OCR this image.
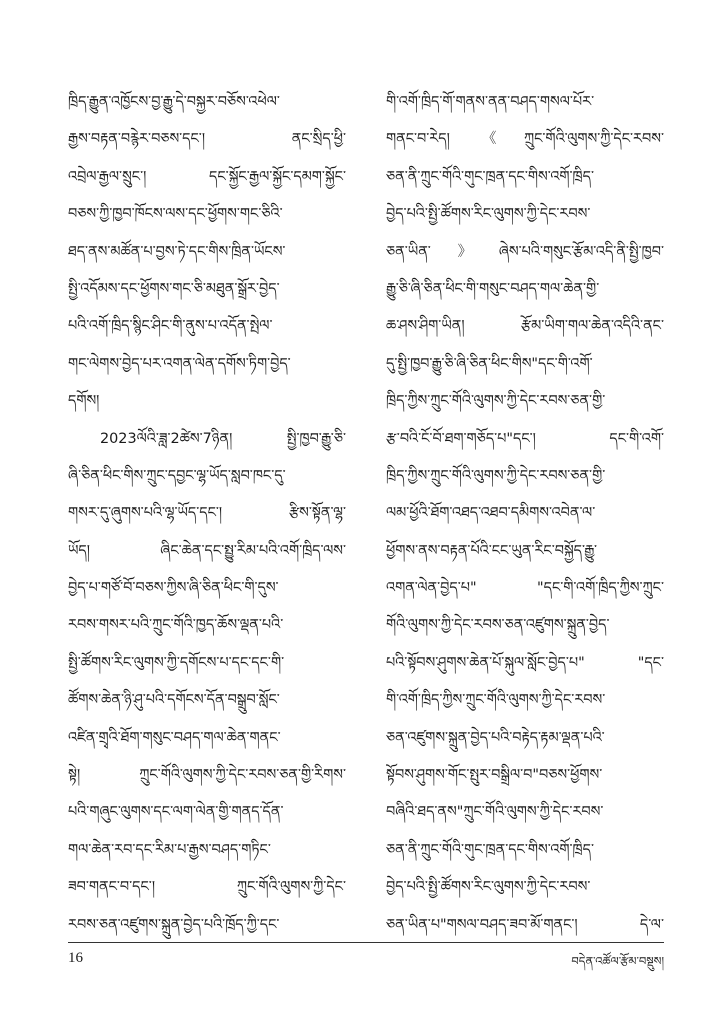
ཁྲིད་རྒྱུན་འཁྱོངས་བྱ་རྒྱུ་དེ་བསྐྱར་བཅོས་འཕེལ་
རྒྱས་བརྟན་བརྙེར་བཅས་དང་། ནང་སྲིད་ཕྱི་
འབྲེལ་རྒྱལ་སྲུང་། དང་སྐྱོང་རྒྱལ་སྐྱོང་དམག་སྐྱོང་
བཅས་ཀྱི་ཁྱབ་ཁོངས་ལས་དང་ཕྱོགས་གང་ཅིའི་
ཐད་ནས་མཚོན་པ་བྱས་ཏེ་དང་གིས་ཁྲིན་ཡོངས་
སྤྱི་འདོམས་དང་ཕྱོགས་གང་ཅི་མཐུན་སྒྲོར་བྱེད་
པའི་འགོ་ཁྲིད་སྙིང་ཤིང་གི་ནུས་པ་འདོན་སྤེལ་
གང་ལེགས་བྱེད་པར་འགན་ལེན་དགོས་ཏིག་བྱེད་
དགོས།
2023ལོའི་ཟླ་2ཚེས་7ཉིན། སྤྱི་ཁྱབ་རྒྱུ་ཅི་
ཞི་ཅིན་ཕིང་གིས་ཀྲུང་དབྱང་ལྷ་ཡོད་སླབ་ཁང་དུ་
གསར་དུ་ཞུགས་པའི་ལྷ་ཡོད་དང་། རྩིས་སྟོན་ལྷ་
ཡོད། ཞིང་ཆེན་དང་སྤྱུ་རིམ་པའི་འགོ་ཁྲིད་ལས་
བྱེད་པ་གཙོ་བོ་བཅས་ཀྱིས་ཞི་ཅིན་ཕིང་གི་དུས་
རབས་གསར་པའི་ཀྲུང་གོའི་ཁྱད་ཆོས་ལྡན་པའི་
སྤྱི་ཚོགས་རིང་ལུགས་ཀྱི་དགོངས་པ་དང་དང་གི་
ཚོགས་ཆེན་ཉི་ཤུ་པའི་དགོངས་དོན་བསྒྲུབ་སློང་
འཛིན་གྲྭའི་ཐོག་གསུང་བཤད་གལ་ཆེན་གནང་
སྟེ། ཀྲུང་གོའི་ལུགས་ཀྱི་དེང་རབས་ཅན་གྱི་རིགས་
པའི་གཞུང་ལུགས་དང་ལག་ལེན་གྱི་གནད་དོན་
གལ་ཆེན་རབ་དང་རིམ་པ་རྒྱས་བཤད་གཏིང་
ཟབ་གནང་བ་དང་། ཀྲུང་གོའི་ལུགས་ཀྱི་དེང་
རབས་ཅན་འཛུགས་སྐྲུན་བྱེད་པའི་ཁྲོད་ཀྱི་དང་
གི་འགོ་ཁྲིད་གོ་གནས་ནན་བཤད་གསལ་པོར་
གནང་བ་རེད། 《ཀྲུང་གོའི་ལུགས་ཀྱི་དེང་རབས་
ཅན་ནི་ཀྲུང་གོའི་གུང་ཁྲན་དང་གིས་འགོ་ཁྲིད་
བྱེད་པའི་སྤྱི་ཚོགས་རིང་ལུགས་ཀྱི་དེང་རབས་
ཅན་ཡིན་》ཞེས་པའི་གསུང་རྩོམ་འདི་ནི་སྤྱི་ཁྱབ་
རྒྱུ་ཅི་ཞི་ཅིན་ཕིང་གི་གསུང་བཤད་གལ་ཆེན་གྱི་
ཆ་ཤས་ཤིག་ཡིན། རྩོམ་ཡིག་གལ་ཆེན་འདིའི་ནང་
དུ་སྤྱི་ཁྱབ་རྒྱུ་ཅི་ཞི་ཅིན་ཕིང་གིས"དང་གི་འགོ་
ཁྲིད་ཀྱིས་ཀྲུང་གོའི་ལུགས་ཀྱི་དེང་རབས་ཅན་གྱི་
རྩ་བའི་ངོ་བོ་ཐག་གཅོད་པ"དང་། དང་གི་འགོ་
ཁྲིད་ཀྱིས་ཀྲུང་གོའི་ལུགས་ཀྱི་དེང་རབས་ཅན་གྱི་
ལམ་ཕྱོའི་ཐོག་འཐད་འཐབ་དམིགས་འབེན་ལ་
ཕྱོགས་ནས་བརྟན་པོའི་ངང་ཡུན་རིང་བསྐྱོད་རྒྱུ་
འགན་ལེན་བྱེད་པ" "དང་གི་འགོ་ཁྲིད་ཀྱིས་ཀྲུང་
གོའི་ལུགས་ཀྱི་དེང་རབས་ཅན་འཛུགས་སྐྲུན་བྱེད་
པའི་སྟོབས་ཤུགས་ཆེན་པོ་སྐུལ་སློང་བྱེད་པ" "དང་
གི་འགོ་ཁྲིད་ཀྱིས་ཀྲུང་གོའི་ལུགས་ཀྱི་དེང་རབས་
ཅན་འཛུགས་སྐྲུན་བྱེད་པའི་བརྟེད་རྟམ་ལྡན་པའི་
སྟོབས་ཤུགས་གོང་སྤུར་བསྒྲིལ་བ"བཅས་ཕྱོགས་
བཞིའི་ཐད་ནས"ཀྲུང་གོའི་ལུགས་ཀྱི་དེང་རབས་
ཅན་ནི་ཀྲུང་གོའི་གུང་ཁྲན་དང་གིས་འགོ་ཁྲིད་
བྱེད་པའི་སྤྱི་ཚོགས་རིང་ལུགས་ཀྱི་དེང་རབས་
ཅན་ཡིན་པ"གསལ་བཤད་ཟབ་མོ་གནང་། དེ་ལ་
16	བདེན་འཚོལ་རྩོམ་བསྡུས།
